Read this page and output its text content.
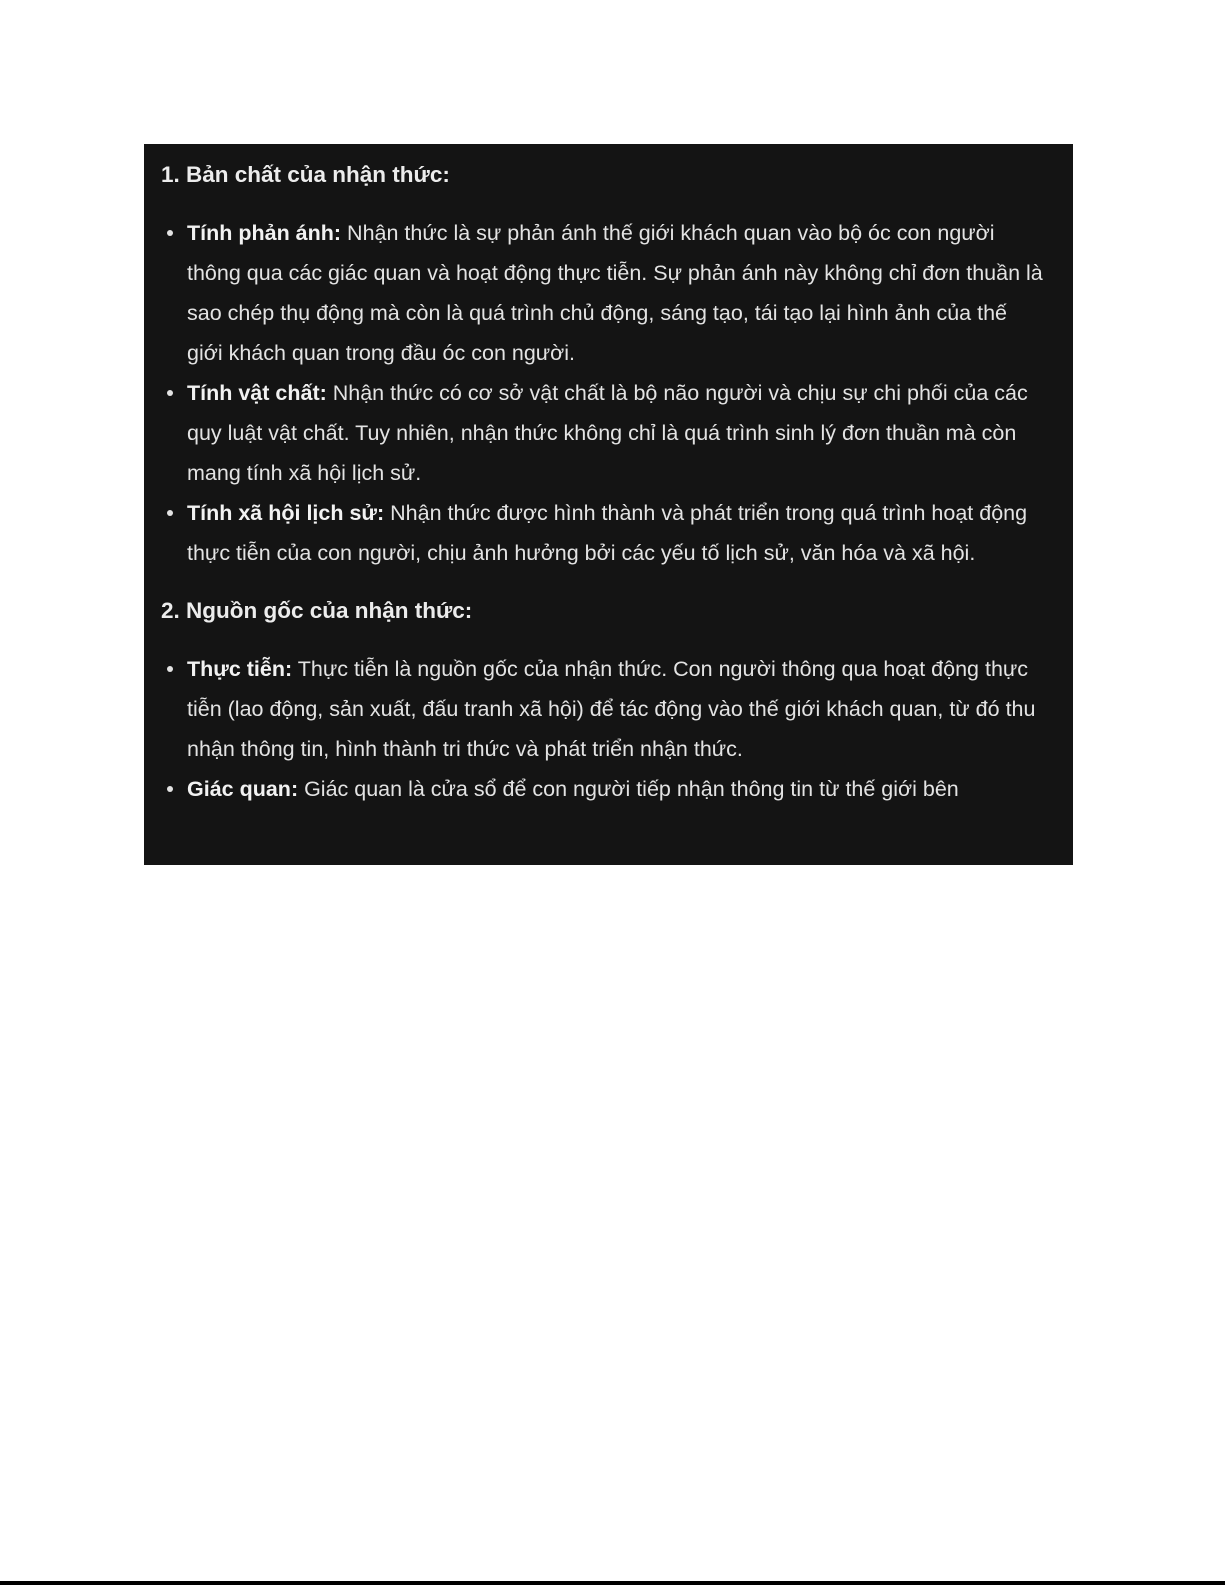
1. Bản chất của nhận thức:
Tính phản ánh: Nhận thức là sự phản ánh thế giới khách quan vào bộ óc con người thông qua các giác quan và hoạt động thực tiễn. Sự phản ánh này không chỉ đơn thuần là sao chép thụ động mà còn là quá trình chủ động, sáng tạo, tái tạo lại hình ảnh của thế giới khách quan trong đầu óc con người.
Tính vật chất: Nhận thức có cơ sở vật chất là bộ não người và chịu sự chi phối của các quy luật vật chất. Tuy nhiên, nhận thức không chỉ là quá trình sinh lý đơn thuần mà còn mang tính xã hội lịch sử.
Tính xã hội lịch sử: Nhận thức được hình thành và phát triển trong quá trình hoạt động thực tiễn của con người, chịu ảnh hưởng bởi các yếu tố lịch sử, văn hóa và xã hội.
2. Nguồn gốc của nhận thức:
Thực tiễn: Thực tiễn là nguồn gốc của nhận thức. Con người thông qua hoạt động thực tiễn (lao động, sản xuất, đấu tranh xã hội) để tác động vào thế giới khách quan, từ đó thu nhận thông tin, hình thành tri thức và phát triển nhận thức.
Giác quan: Giác quan là cửa sổ để con người tiếp nhận thông tin từ thế giới bên
